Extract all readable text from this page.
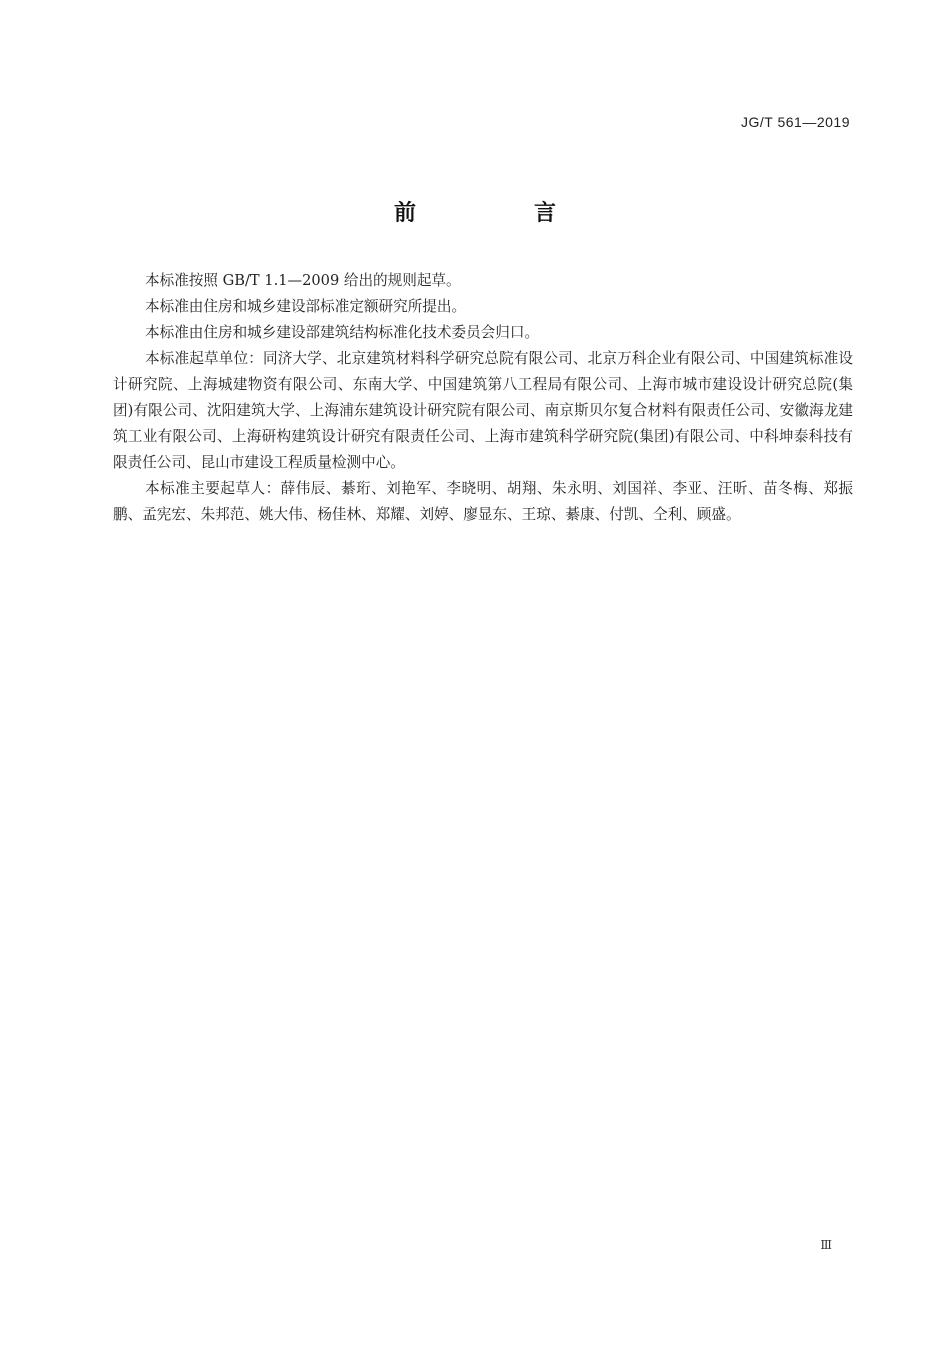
JG/T 561—2019
前　言

本标准按照 GB/T 1.1—2009 给出的规则起草。

本标准由住房和城乡建设部标准定额研究所提出。

本标准由住房和城乡建设部建筑结构标准化技术委员会归口。

本标准起草单位：同济大学、北京建筑材料科学研究总院有限公司、北京万科企业有限公司、中国建筑标准设计研究院、上海城建物资有限公司、东南大学、中国建筑第八工程局有限公司、上海市城市建设设计研究总院(集团)有限公司、沈阳建筑大学、上海浦东建筑设计研究院有限公司、南京斯贝尔复合材料有限责任公司、安徽海龙建筑工业有限公司、上海研构建筑设计研究有限责任公司、上海市建筑科学研究院(集团)有限公司、中科坤泰科技有限责任公司、昆山市建设工程质量检测中心。

本标准主要起草人：薛伟辰、綦珩、刘艳军、李晓明、胡翔、朱永明、刘国祥、李亚、汪昕、苗冬梅、郑振鹏、孟宪宏、朱邦范、姚大伟、杨佳林、郑耀、刘婷、廖显东、王琼、綦康、付凯、仝利、顾盛。

Ⅲ
